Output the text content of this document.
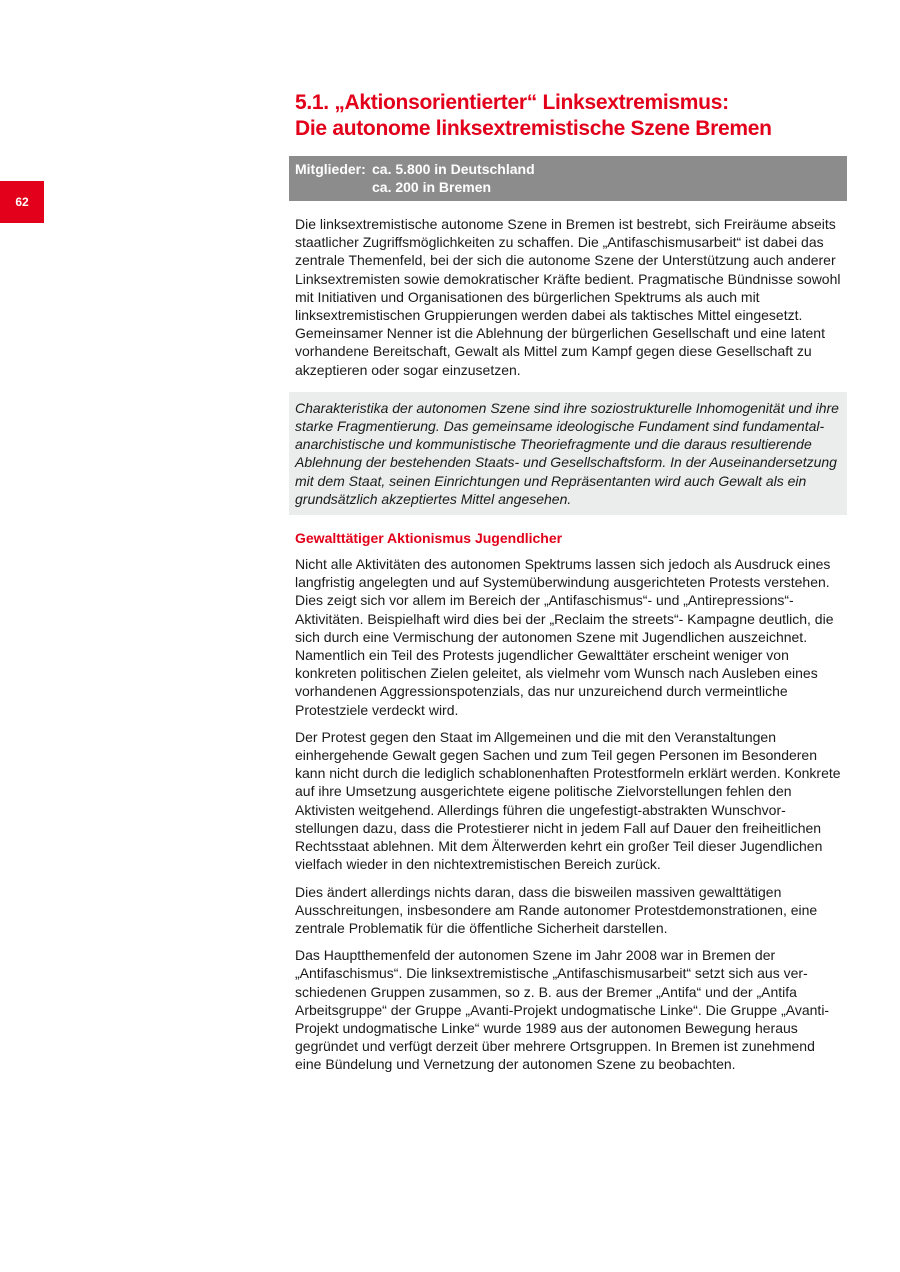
62
5.1. „Aktionsorientierter“ Linksextremismus:
Die autonome linksextremistische Szene Bremen
Mitglieder: ca. 5.800 in Deutschland
ca. 200 in Bremen

Die linksextremistische autonome Szene in Bremen ist bestrebt, sich Freiräume abseits staatlicher Zugriffsmöglichkeiten zu schaffen. Die „Antifaschismusarbeit“ ist dabei das zentrale Themenfeld, bei der sich die autonome Szene der Unterstützung auch anderer Linksextremisten sowie demokratischer Kräfte bedient. Pragmatische Bündnisse sowohl mit Initiativen und Organisationen des bürgerlichen Spektrums als auch mit linksextremistischen Gruppierungen werden dabei als taktisches Mittel eingesetzt. Gemeinsamer Nenner ist die Ablehnung der bürgerlichen Gesellschaft und eine latent vorhandene Bereitschaft, Gewalt als Mittel zum Kampf gegen diese Gesellschaft zu akzeptieren oder sogar einzusetzen.

Charakteristika der autonomen Szene sind ihre soziostrukturelle Inhomogenität und ihre starke Fragmentierung. Das gemeinsame ideologische Fundament sind fundamental-anarchistische und kommunistische Theoriefragmente und die daraus resultierende Ablehnung der bestehenden Staats- und Gesellschaftsform. In der Auseinandersetzung mit dem Staat, seinen Einrichtungen und Repräsentanten wird auch Gewalt als ein grundsätzlich akzeptiertes Mittel angesehen.

Gewalttätiger Aktionismus Jugendlicher

Nicht alle Aktivitäten des autonomen Spektrums lassen sich jedoch als Ausdruck eines langfristig angelegten und auf Systemüberwindung ausgerichteten Protests verstehen. Dies zeigt sich vor allem im Bereich der „Antifaschismus“- und „Antirepressions“-Aktivitäten. Beispielhaft wird dies bei der „Reclaim the streets“- Kampagne deutlich, die sich durch eine Vermischung der autonomen Szene mit Jugendlichen auszeichnet. Namentlich ein Teil des Protests jugendlicher Gewalttäter erscheint weniger von konkreten politischen Zielen geleitet, als vielmehr vom Wunsch nach Ausleben eines vorhandenen Aggressionspotenzials, das nur unzureichend durch vermeintliche Protestziele verdeckt wird.

Der Protest gegen den Staat im Allgemeinen und die mit den Veranstaltungen einhergehende Gewalt gegen Sachen und zum Teil gegen Personen im Besonderen kann nicht durch die lediglich schablonenhaften Protestformeln erklärt werden. Konkrete auf ihre Umsetzung ausgerichtete eigene politische Zielvorstellungen fehlen den Aktivisten weitgehend. Allerdings führen die ungefestigt-abstrakten Wunschvorstellungen dazu, dass die Protestierer nicht in jedem Fall auf Dauer den freiheitlichen Rechtsstaat ablehnen. Mit dem Älterwerden kehrt ein großer Teil dieser Jugendlichen vielfach wieder in den nichtextremistischen Bereich zurück.

Dies ändert allerdings nichts daran, dass die bisweilen massiven gewalttätigen Ausschreitungen, insbesondere am Rande autonomer Protestdemonstrationen, eine zentrale Problematik für die öffentliche Sicherheit darstellen.

Das Hauptthemenfeld der autonomen Szene im Jahr 2008 war in Bremen der „Antifaschismus“. Die linksextremistische „Antifaschismusarbeit“ setzt sich aus verschiedenen Gruppen zusammen, so z. B. aus der Bremer „Antifa“ und der „Antifa Arbeitsgruppe“ der Gruppe „Avanti-Projekt undogmatische Linke“. Die Gruppe „Avanti-Projekt undogmatische Linke“ wurde 1989 aus der autonomen Bewegung heraus gegründet und verfügt derzeit über mehrere Ortsgruppen. In Bremen ist zunehmend eine Bündelung und Vernetzung der autonomen Szene zu beobachten.
